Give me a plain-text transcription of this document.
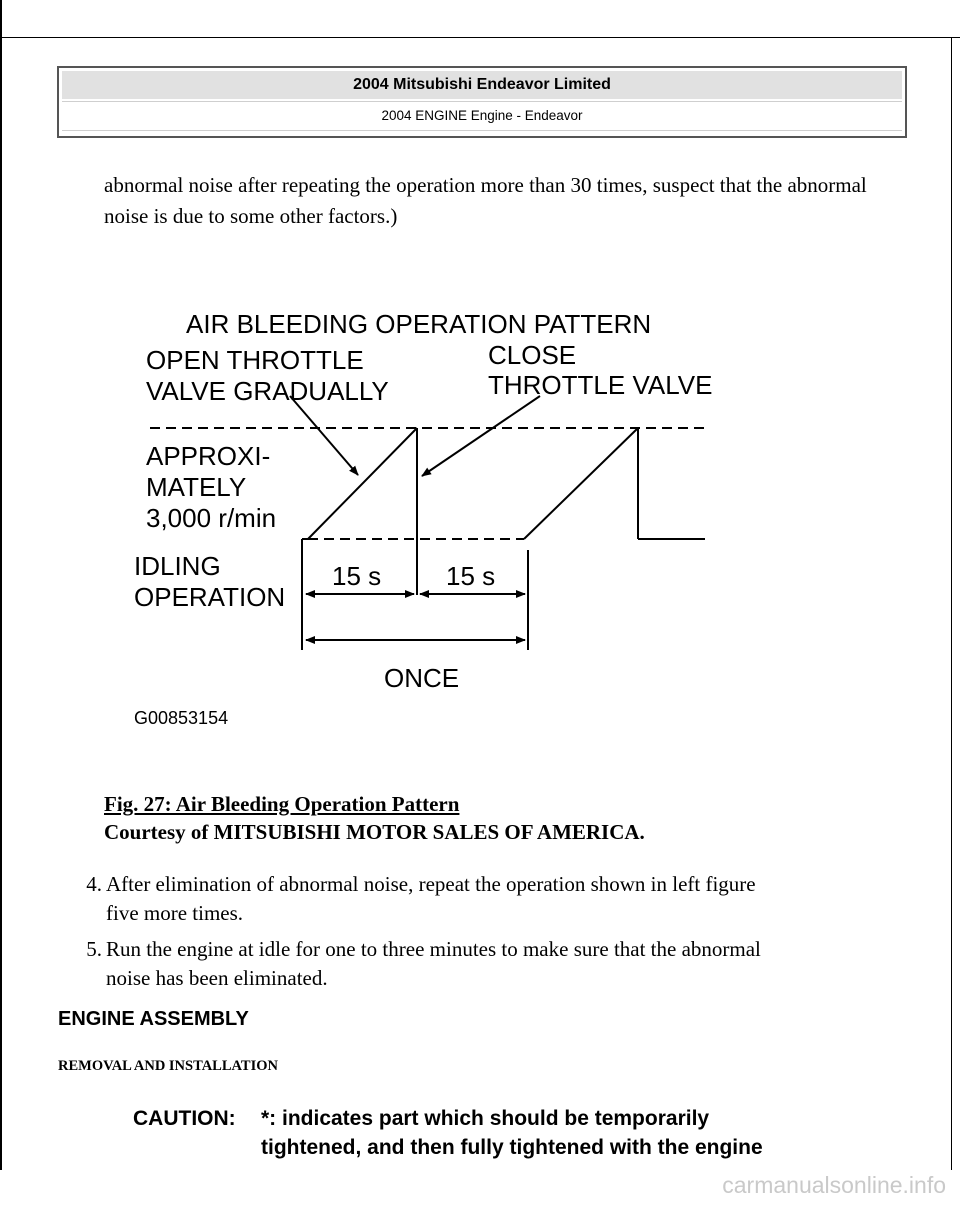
2004 Mitsubishi Endeavor Limited
2004 ENGINE Engine - Endeavor
abnormal noise after repeating the operation more than 30 times, suspect that the abnormal noise is due to some other factors.)
AIR BLEEDING OPERATION PATTERN
OPEN THROTTLE
VALVE GRADUALLY
CLOSE
THROTTLE VALVE
APPROXI-
MATELY
3,000 r/min
IDLING
OPERATION
15 s 15 s
ONCE
G00853154
Fig. 27: Air Bleeding Operation Pattern
Courtesy of MITSUBISHI MOTOR SALES OF AMERICA.
4. After elimination of abnormal noise, repeat the operation shown in left figure
five more times.
5. Run the engine at idle for one to three minutes to make sure that the abnormal
noise has been eliminated.
ENGINE ASSEMBLY
REMOVAL AND INSTALLATION
CAUTION: *: indicates part which should be temporarily
tightened, and then fully tightened with the engine
carmanualsonline.info
